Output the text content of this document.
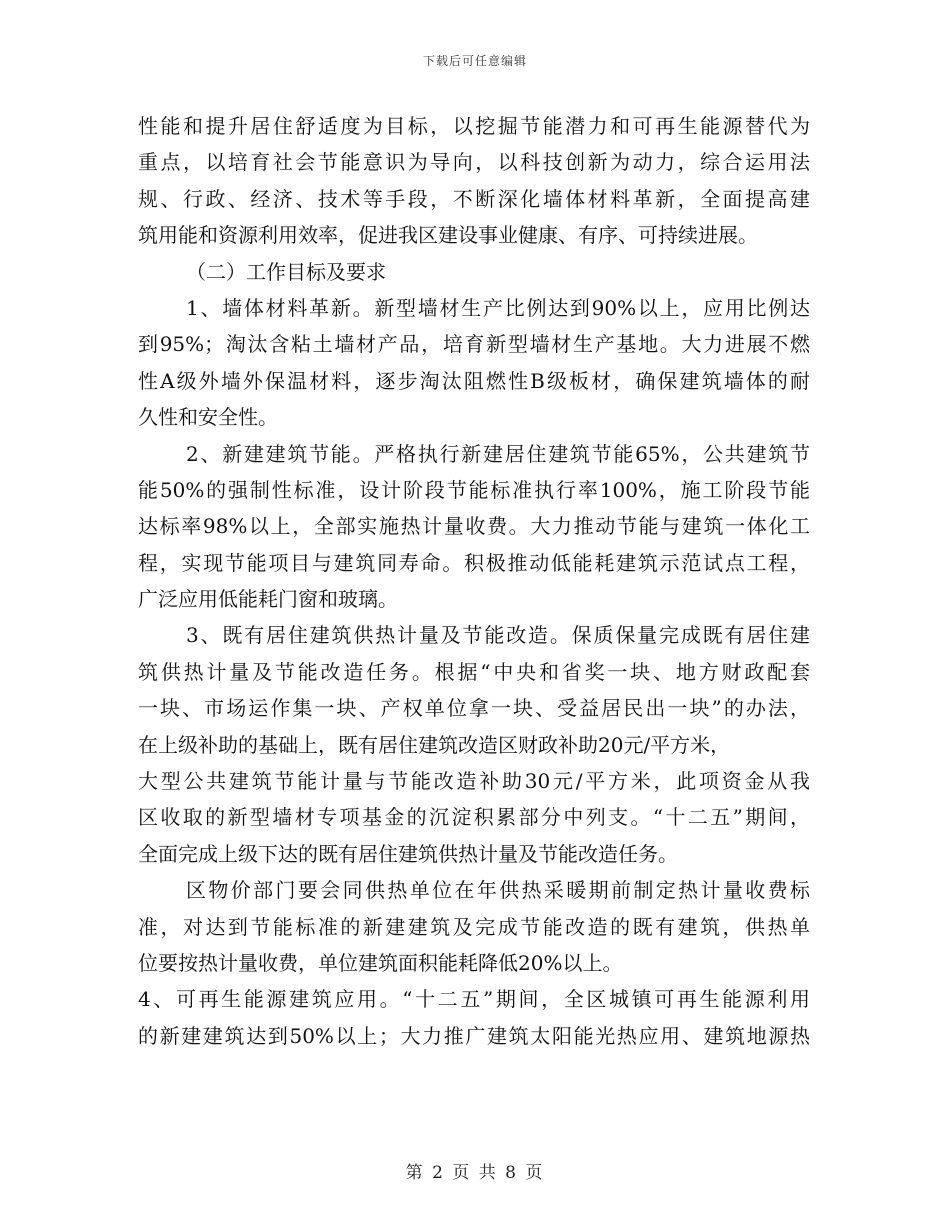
下载后可任意编辑
性能和提升居住舒适度为目标，以挖掘节能潜力和可再生能源替代为
重点，以培育社会节能意识为导向，以科技创新为动力，综合运用法
规、行政、经济、技术等手段，不断深化墙体材料革新，全面提高建
筑用能和资源利用效率，促进我区建设事业健康、有序、可持续进展。
（二）工作目标及要求
1、墙体材料革新。新型墙材生产比例达到90%以上，应用比例达
到95%；淘汰含粘土墙材产品，培育新型墙材生产基地。大力进展不燃
性A级外墙外保温材料，逐步淘汰阻燃性B级板材，确保建筑墙体的耐
久性和安全性。
2、新建建筑节能。严格执行新建居住建筑节能65%，公共建筑节
能50%的强制性标准，设计阶段节能标准执行率100%，施工阶段节能
达标率98%以上，全部实施热计量收费。大力推动节能与建筑一体化工
程，实现节能项目与建筑同寿命。积极推动低能耗建筑示范试点工程，
广泛应用低能耗门窗和玻璃。
3、既有居住建筑供热计量及节能改造。保质保量完成既有居住建
筑供热计量及节能改造任务。根据“中央和省奖一块、地方财政配套
一块、市场运作集一块、产权单位拿一块、受益居民出一块”的办法，
在上级补助的基础上，既有居住建筑改造区财政补助20元/平方米，
大型公共建筑节能计量与节能改造补助30元/平方米，此项资金从我
区收取的新型墙材专项基金的沉淀积累部分中列支。“十二五”期间，
全面完成上级下达的既有居住建筑供热计量及节能改造任务。
区物价部门要会同供热单位在年供热采暖期前制定热计量收费标
准，对达到节能标准的新建建筑及完成节能改造的既有建筑，供热单
位要按热计量收费，单位建筑面积能耗降低20%以上。
4、可再生能源建筑应用。“十二五”期间，全区城镇可再生能源利用
的新建建筑达到50%以上；大力推广建筑太阳能光热应用、建筑地源热
第 2 页 共 8 页
